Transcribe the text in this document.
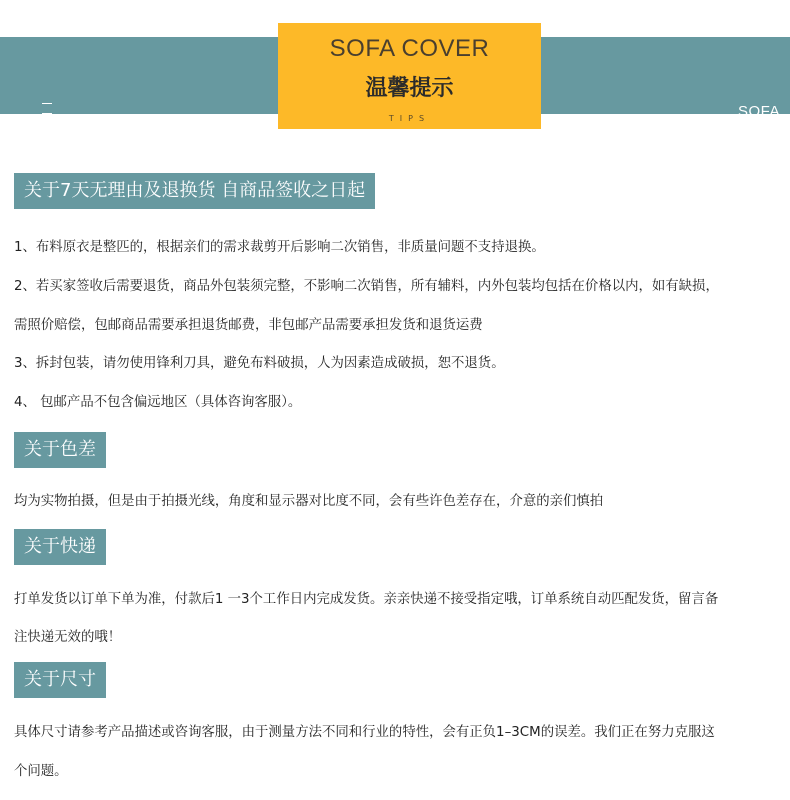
SOFA
SOFA COVER
温馨提示
TIPS
关于7天无理由及退换货 自商品签收之日起
1、布料原衣是整匹的，根据亲们的需求裁剪开后影响二次销售，非质量问题不支持退换。
2、若买家签收后需要退货，商品外包装须完整，不影响二次销售，所有辅料，内外包装均包括在价格以内，如有缺损，
需照价赔偿，包邮商品需要承担退货邮费，非包邮产品需要承担发货和退货运费
3、拆封包装，请勿使用锋利刀具，避免布料破损，人为因素造成破损，恕不退货。
4、 包邮产品不包含偏远地区（具体咨询客服）。
关于色差
均为实物拍摄，但是由于拍摄光线，角度和显示器对比度不同，会有些许色差存在，介意的亲们慎拍
关于快递
打单发货以订单下单为准，付款后1 一3个工作日内完成发货。亲亲快递不接受指定哦，订单系统自动匹配发货，留言备
注快递无效的哦！
关于尺寸
具体尺寸请参考产品描述或咨询客服，由于测量方法不同和行业的特性，会有正负1–3CM的误差。我们正在努力克服这
个问题。
